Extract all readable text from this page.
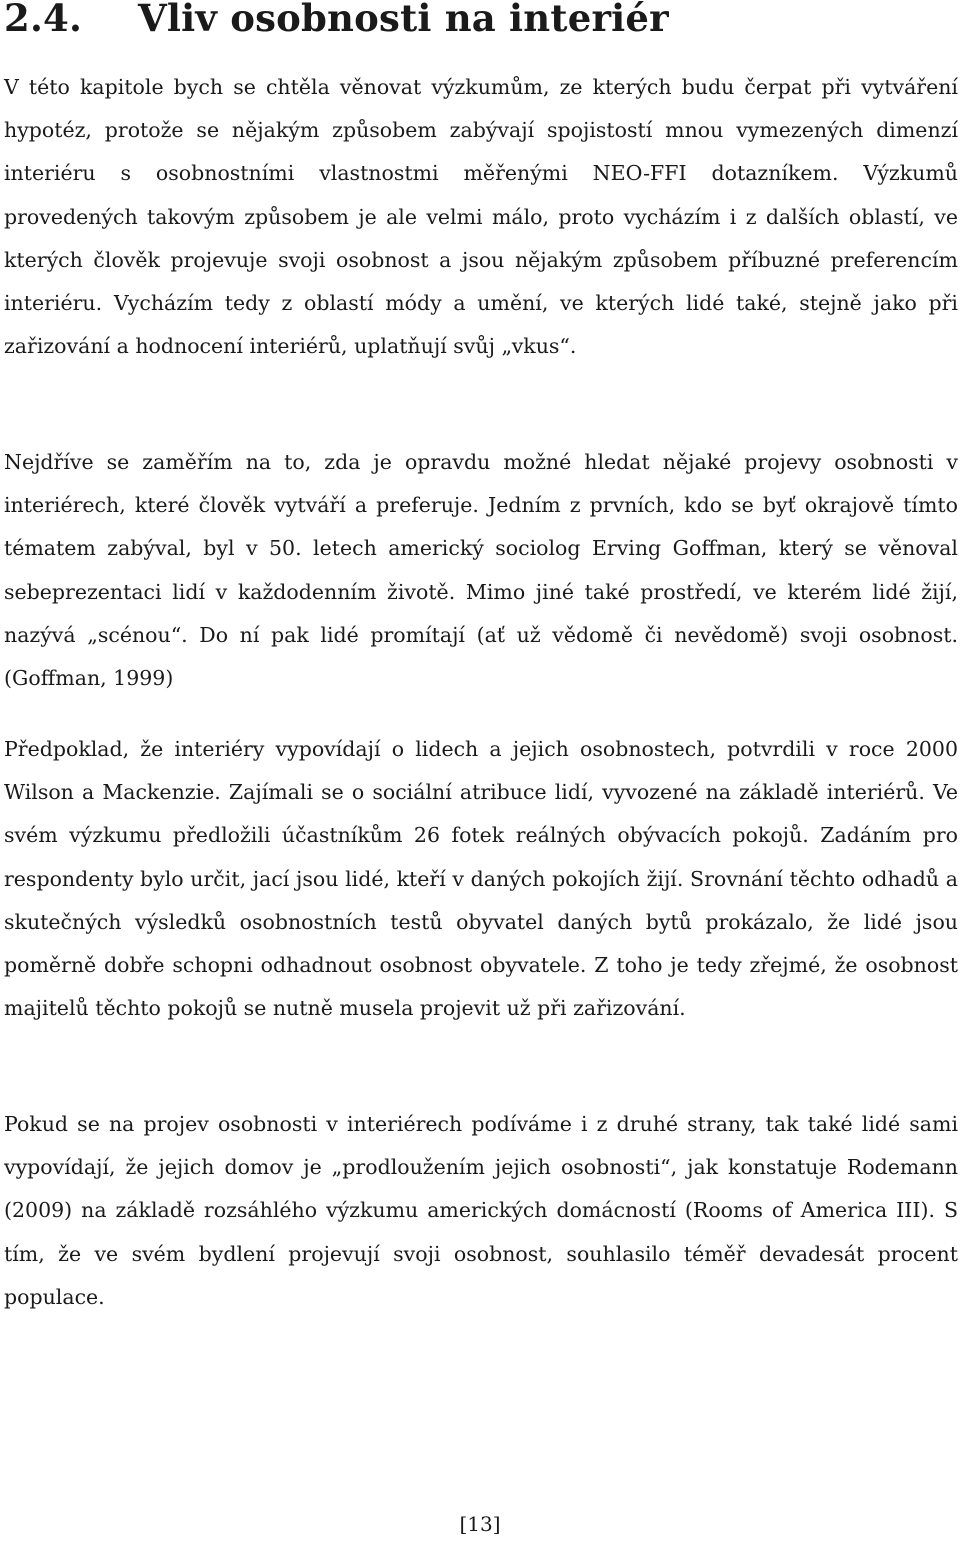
2.4. Vliv osobnosti na interiér

V této kapitole bych se chtěla věnovat výzkumům, ze kterých budu čerpat při vytváření hypotéz, protože se nějakým způsobem zabývají spojistostí mnou vymezených dimenzí interiéru s osobnostními vlastnostmi měřenými NEO-FFI dotazníkem. Výzkumů provedených takovým způsobem je ale velmi málo, proto vycházím i z dalších oblastí, ve kterých člověk projevuje svoji osobnost a jsou nějakým způsobem příbuzné preferencím interiéru. Vycházím tedy z oblastí módy a umění, ve kterých lidé také, stejně jako při zařizování a hodnocení interiérů, uplatňují svůj „vkus“.

Nejdříve se zaměřím na to, zda je opravdu možné hledat nějaké projevy osobnosti v interiérech, které člověk vytváří a preferuje. Jedním z prvních, kdo se byť okrajově tímto tématem zabýval, byl v 50. letech americký sociolog Erving Goffman, který se věnoval sebeprezentaci lidí v každodenním životě. Mimo jiné také prostředí, ve kterém lidé žijí, nazývá „scénou“. Do ní pak lidé promítají (ať už vědomě či nevědomě) svoji osobnost. (Goffman, 1999)

Předpoklad, že interiéry vypovídají o lidech a jejich osobnostech, potvrdili v roce 2000 Wilson a Mackenzie. Zajímali se o sociální atribuce lidí, vyvozené na základě interiérů. Ve svém výzkumu předložili účastníkům 26 fotek reálných obývacích pokojů. Zadáním pro respondenty bylo určit, jací jsou lidé, kteří v daných pokojích žijí. Srovnání těchto odhadů a skutečných výsledků osobnostních testů obyvatel daných bytů prokázalo, že lidé jsou poměrně dobře schopni odhadnout osobnost obyvatele. Z toho je tedy zřejmé, že osobnost majitelů těchto pokojů se nutně musela projevit už při zařizování.

Pokud se na projev osobnosti v interiérech podíváme i z druhé strany, tak také lidé sami vypovídají, že jejich domov je „prodloužením jejich osobnosti“, jak konstatuje Rodemann (2009) na základě rozsáhlého výzkumu amerických domácností (Rooms of America III). S tím, že ve svém bydlení projevují svoji osobnost, souhlasilo téměř devadesát procent populace.

[13]
